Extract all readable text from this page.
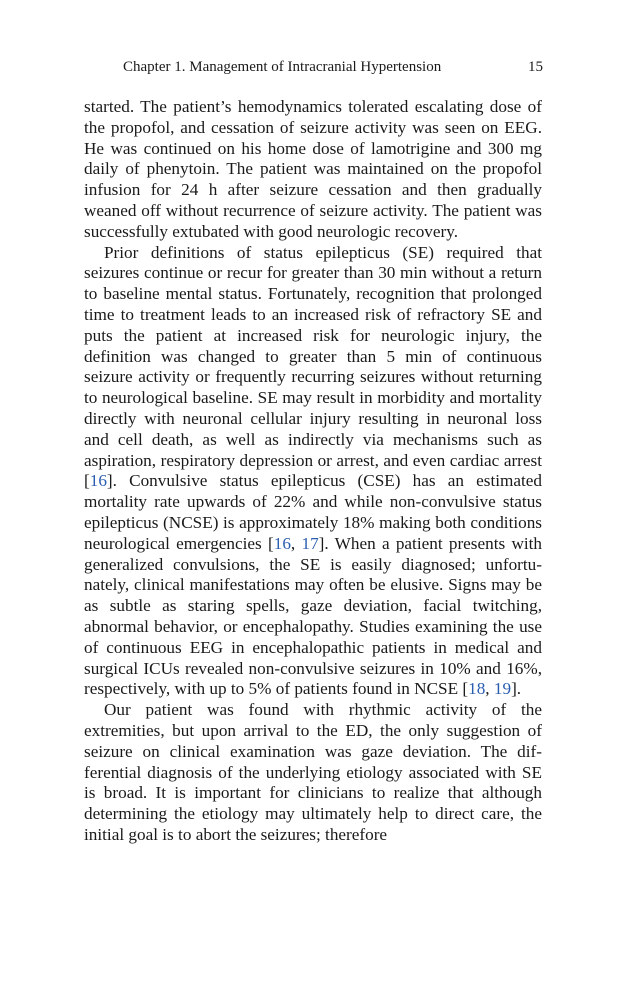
Chapter 1. Management of Intracranial Hypertension	15

started. The patient’s hemodynamics tolerated escalating dose of the propofol, and cessation of seizure activity was seen on EEG. He was continued on his home dose of lamotrigine and 300 mg daily of phenytoin. The patient was maintained on the propofol infusion for 24 h after seizure cessation and then gradually weaned off without recurrence of seizure activity. The patient was successfully extubated with good neurologic recovery.

Prior definitions of status epilepticus (SE) required that seizures continue or recur for greater than 30 min without a return to baseline mental status. Fortunately, recognition that prolonged time to treatment leads to an increased risk of refractory SE and puts the patient at increased risk for neurologic injury, the definition was changed to greater than 5 min of continuous seizure activity or frequently recurring seizures without returning to neurological baseline. SE may result in morbidity and mortality directly with neuronal cellular injury resulting in neuronal loss and cell death, as well as indirectly via mechanisms such as aspiration, respiratory depression or arrest, and even cardiac arrest [16]. Convulsive status epilepticus (CSE) has an estimated mortality rate upwards of 22% and while non-convulsive status epilepticus (NCSE) is approximately 18% making both conditions neurological emergencies [16, 17]. When a patient presents with generalized convulsions, the SE is easily diagnosed; unfortunately, clinical manifestations may often be elusive. Signs may be as subtle as staring spells, gaze deviation, facial twitching, abnormal behavior, or encephalopathy. Studies examining the use of continuous EEG in encephalopathic patients in medical and surgical ICUs revealed non-convulsive seizures in 10% and 16%, respectively, with up to 5% of patients found in NCSE [18, 19].

Our patient was found with rhythmic activity of the extremities, but upon arrival to the ED, the only suggestion of seizure on clinical examination was gaze deviation. The differential diagnosis of the underlying etiology associated with SE is broad. It is important for clinicians to realize that although determining the etiology may ultimately help to direct care, the initial goal is to abort the seizures; therefore
